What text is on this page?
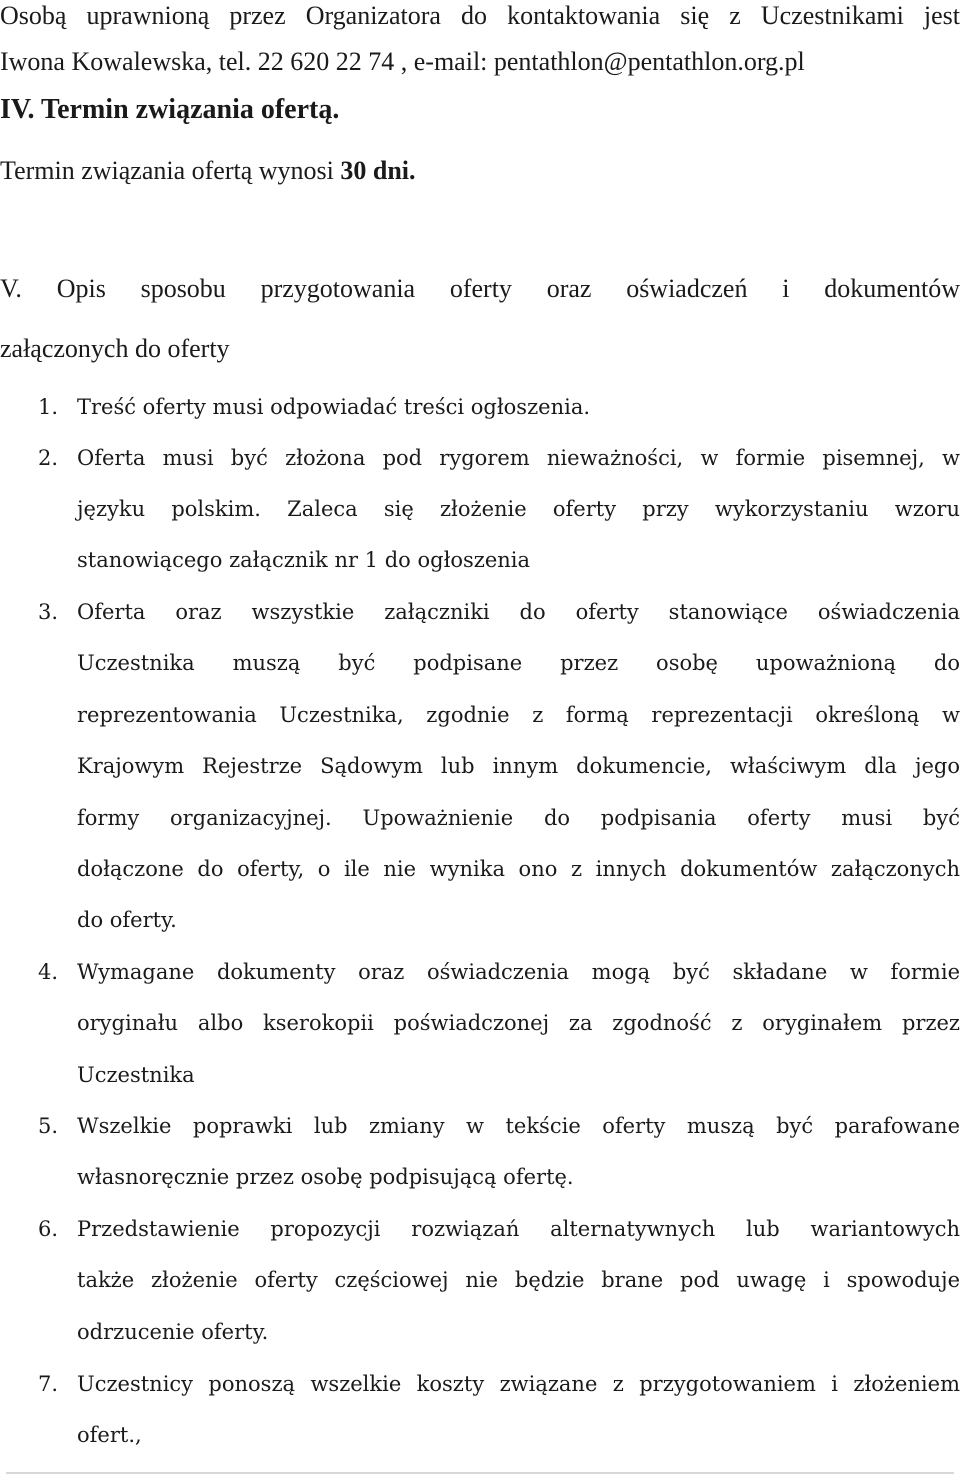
Osobą uprawnioną przez Organizatora do kontaktowania się z Uczestnikami jest
Iwona Kowalewska, tel. 22 620 22 74 , e-mail: pentathlon@pentathlon.org.pl
IV. Termin związania ofertą.
Termin związania ofertą wynosi 30 dni.
V. Opis sposobu przygotowania oferty oraz oświadczeń i dokumentów
załączonych do oferty
1. Treść oferty musi odpowiadać treści ogłoszenia.
2. Oferta musi być złożona pod rygorem nieważności, w formie pisemnej, w
języku polskim. Zaleca się złożenie oferty przy wykorzystaniu wzoru
stanowiącego załącznik nr 1 do ogłoszenia
3. Oferta oraz wszystkie załączniki do oferty stanowiące oświadczenia
Uczestnika muszą być podpisane przez osobę upoważnioną do
reprezentowania Uczestnika, zgodnie z formą reprezentacji określoną w
Krajowym Rejestrze Sądowym lub innym dokumencie, właściwym dla jego
formy organizacyjnej. Upoważnienie do podpisania oferty musi być
dołączone do oferty, o ile nie wynika ono z innych dokumentów załączonych
do oferty.
4. Wymagane dokumenty oraz oświadczenia mogą być składane w formie
oryginału albo kserokopii poświadczonej za zgodność z oryginałem przez
Uczestnika
5. Wszelkie poprawki lub zmiany w tekście oferty muszą być parafowane
własnoręcznie przez osobę podpisującą ofertę.
6. Przedstawienie propozycji rozwiązań alternatywnych lub wariantowych
także złożenie oferty częściowej nie będzie brane pod uwagę i spowoduje
odrzucenie oferty.
7. Uczestnicy ponoszą wszelkie koszty związane z przygotowaniem i złożeniem
ofert.,
